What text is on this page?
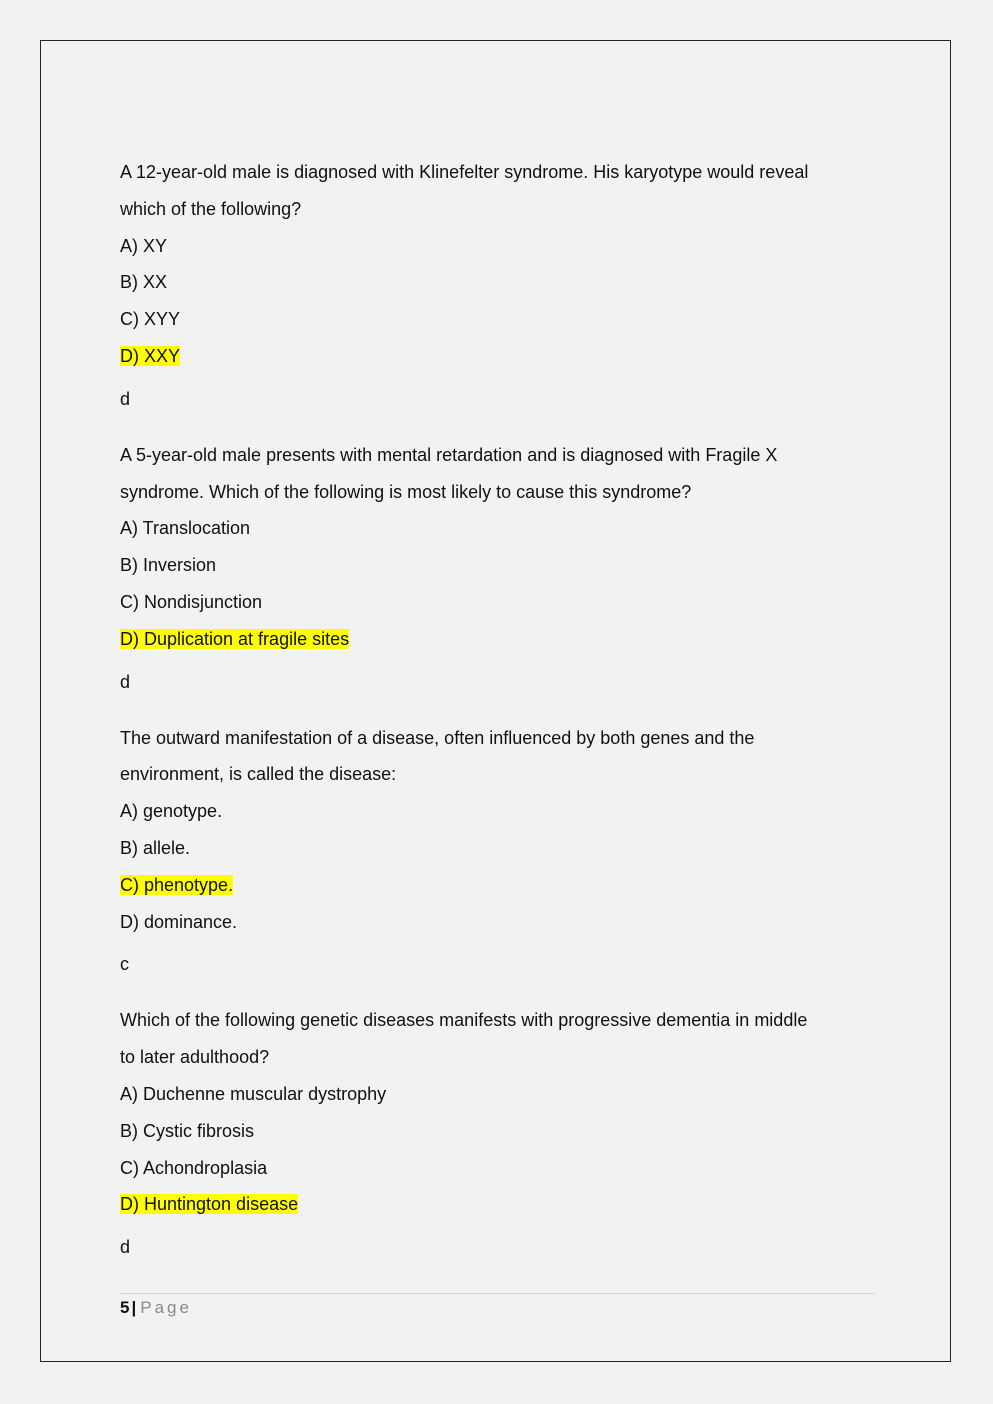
A 12-year-old male is diagnosed with Klinefelter syndrome. His karyotype would reveal
which of the following?
A) XY
B) XX
C) XYY
D) XXY
d
A 5-year-old male presents with mental retardation and is diagnosed with Fragile X
syndrome. Which of the following is most likely to cause this syndrome?
A) Translocation
B) Inversion
C) Nondisjunction
D) Duplication at fragile sites
d
The outward manifestation of a disease, often influenced by both genes and the
environment, is called the disease:
A) genotype.
B) allele.
C) phenotype.
D) dominance.
c
Which of the following genetic diseases manifests with progressive dementia in middle
to later adulthood?
A) Duchenne muscular dystrophy
B) Cystic fibrosis
C) Achondroplasia
D) Huntington disease
d
5 | Page
